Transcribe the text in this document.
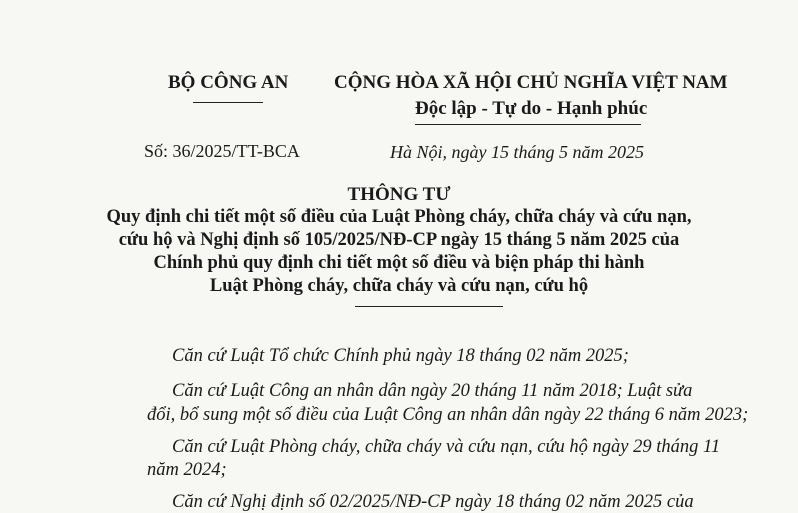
BỘ CÔNG AN CỘNG HÒA XÃ HỘI CHỦ NGHĨA VIỆT NAM
Độc lập - Tự do - Hạnh phúc
Số: 36/2025/TT-BCA	Hà Nội, ngày 15 tháng 5 năm 2025
THÔNG TƯ
Quy định chi tiết một số điều của Luật Phòng cháy, chữa cháy và cứu nạn,
cứu hộ và Nghị định số 105/2025/NĐ-CP ngày 15 tháng 5 năm 2025 của
Chính phủ quy định chi tiết một số điều và biện pháp thi hành
Luật Phòng cháy, chữa cháy và cứu nạn, cứu hộ
Căn cứ Luật Tổ chức Chính phủ ngày 18 tháng 02 năm 2025;
Căn cứ Luật Công an nhân dân ngày 20 tháng 11 năm 2018; Luật sửa
đổi, bổ sung một số điều của Luật Công an nhân dân ngày 22 tháng 6 năm 2023;
Căn cứ Luật Phòng cháy, chữa cháy và cứu nạn, cứu hộ ngày 29 tháng 11
năm 2024;
Căn cứ Nghị định số 02/2025/NĐ-CP ngày 18 tháng 02 năm 2025 của
